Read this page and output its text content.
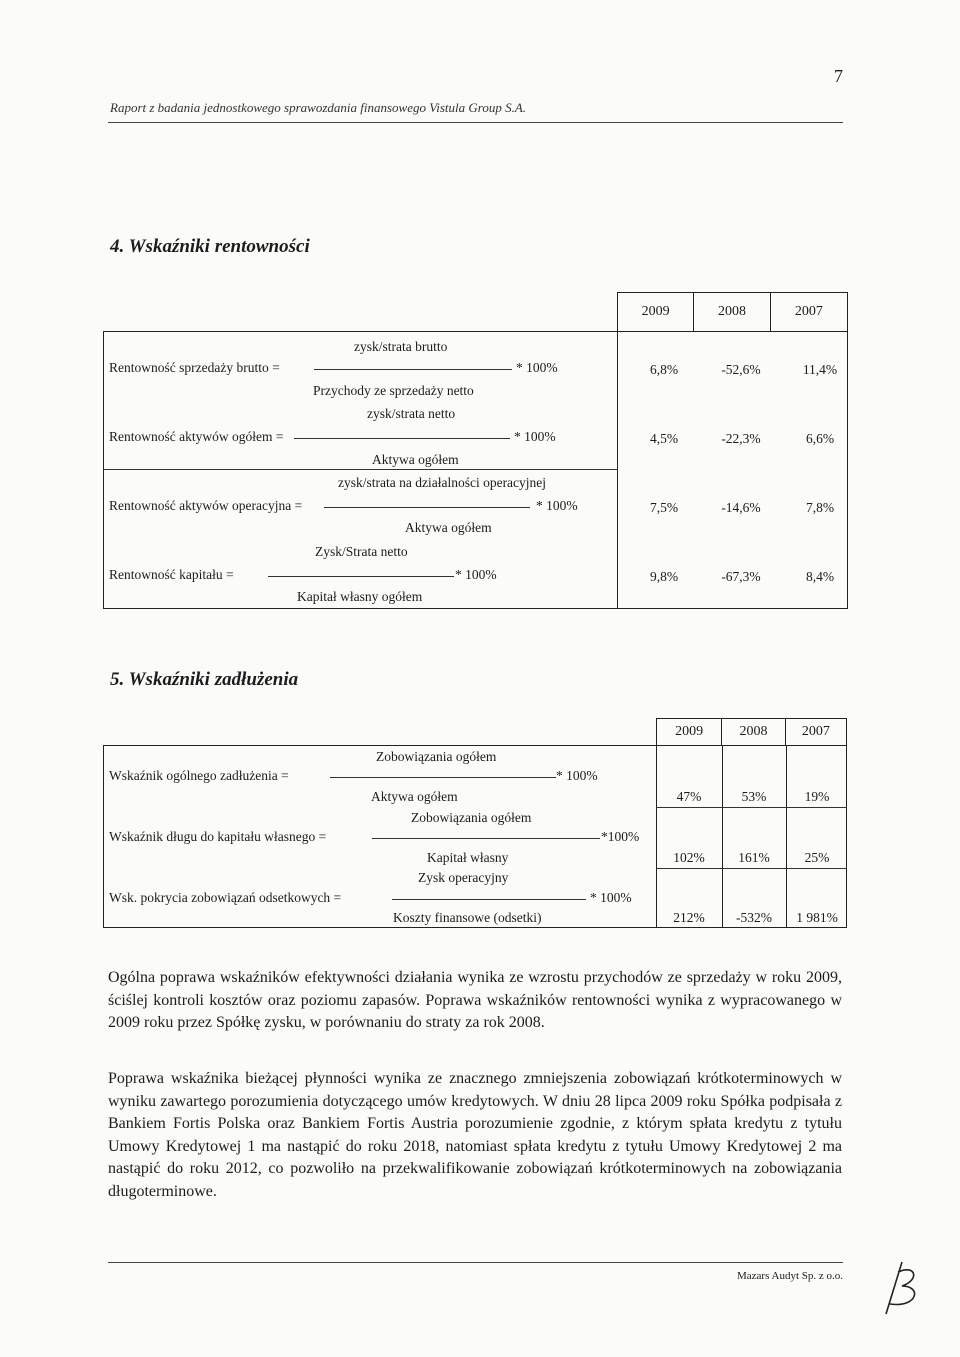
7
Raport z badania jednostkowego sprawozdania finansowego Vistula Group S.A.
4. Wskaźniki rentowności
2009	2008	2007
zysk/strata brutto
Rentowność sprzedaży brutto =	* 100%
Przychody ze sprzedaży netto
6,8%	-52,6%	11,4%
zysk/strata netto
Rentowność aktywów ogółem =	* 100%
Aktywa ogółem
4,5%	-22,3%	6,6%
zysk/strata na działalności operacyjnej
Rentowność aktywów operacyjna =	* 100%
Aktywa ogółem
7,5%	-14,6%	7,8%
Zysk/Strata netto
Rentowność kapitału =	* 100%
Kapitał własny ogółem
9,8%	-67,3%	8,4%
5. Wskaźniki zadłużenia
2009	2008	2007
Zobowiązania ogółem
Wskaźnik ogólnego zadłużenia =	* 100%
Aktywa ogółem	47%	53%	19%
Zobowiązania ogółem
Wskaźnik długu do kapitału własnego =	*100%
Kapitał własny	102%	161%	25%
Zysk operacyjny
Wsk. pokrycia zobowiązań odsetkowych =	* 100%
Koszty finansowe (odsetki)	212%	-532%	1 981%
Ogólna poprawa wskaźników efektywności działania wynika ze wzrostu przychodów ze sprzedaży w roku 2009, ściślej kontroli kosztów oraz poziomu zapasów. Poprawa wskaźników rentowności wynika z wypracowanego w 2009 roku przez Spółkę zysku, w porównaniu do straty za rok 2008.
Poprawa wskaźnika bieżącej płynności wynika ze znacznego zmniejszenia zobowiązań krótkoterminowych w wyniku zawartego porozumienia dotyczącego umów kredytowych. W dniu 28 lipca 2009 roku Spółka podpisała z Bankiem Fortis Polska oraz Bankiem Fortis Austria porozumienie zgodnie, z którym spłata kredytu z tytułu Umowy Kredytowej 1 ma nastąpić do roku 2018, natomiast spłata kredytu z tytułu Umowy Kredytowej 2 ma nastąpić do roku 2012, co pozwoliło na przekwalifikowanie zobowiązań krótkoterminowych na zobowiązania długoterminowe.
Mazars Audyt Sp. z o.o.
